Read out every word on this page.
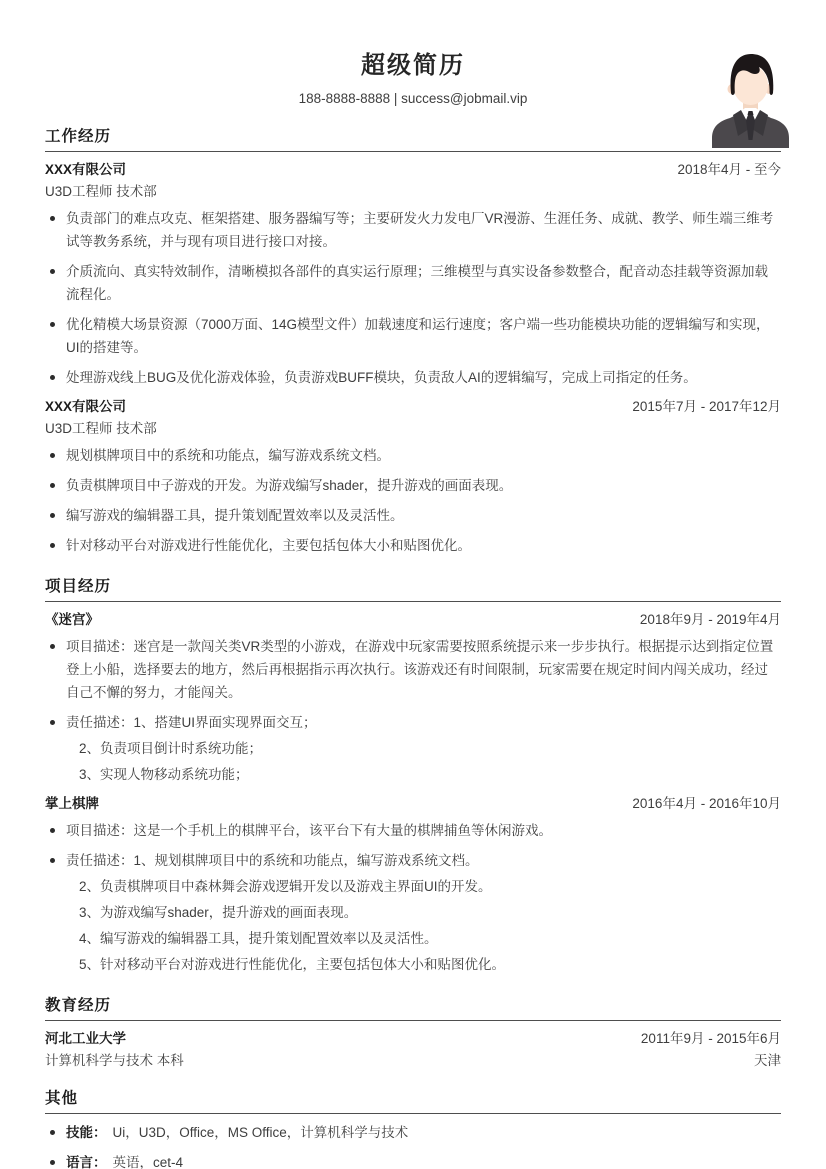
超级简历
188-8888-8888 | success@jobmail.vip
工作经历
XXX有限公司	2018年4月 - 至今
U3D工程师 技术部
负责部门的难点攻克、框架搭建、服务器编写等；主要研发火力发电厂VR漫游、生涯任务、成就、教学、师生端三维考试等教务系统，并与现有项目进行接口对接。
介质流向、真实特效制作，清晰模拟各部件的真实运行原理；三维模型与真实设备参数整合，配音动态挂载等资源加载流程化。
优化精模大场景资源（7000万面、14G模型文件）加载速度和运行速度；客户端一些功能模块功能的逻辑编写和实现，UI的搭建等。
处理游戏线上BUG及优化游戏体验，负责游戏BUFF模块，负责敌人AI的逻辑编写，完成上司指定的任务。
XXX有限公司	2015年7月 - 2017年12月
U3D工程师 技术部
规划棋牌项目中的系统和功能点，编写游戏系统文档。
负责棋牌项目中子游戏的开发。为游戏编写shader，提升游戏的画面表现。
编写游戏的编辑器工具，提升策划配置效率以及灵活性。
针对移动平台对游戏进行性能优化，主要包括包体大小和贴图优化。
项目经历
《迷宫》	2018年9月 - 2019年4月
项目描述：迷宫是一款闯关类VR类型的小游戏，在游戏中玩家需要按照系统提示来一步步执行。根据提示达到指定位置登上小船，选择要去的地方，然后再根据指示再次执行。该游戏还有时间限制，玩家需要在规定时间内闯关成功，经过自己不懈的努力，才能闯关。
责任描述：1、搭建UI界面实现界面交互；
2、负责项目倒计时系统功能；
3、实现人物移动系统功能；
掌上棋牌	2016年4月 - 2016年10月
项目描述：这是一个手机上的棋牌平台，该平台下有大量的棋牌捕鱼等休闲游戏。
责任描述：1、规划棋牌项目中的系统和功能点，编写游戏系统文档。
2、负责棋牌项目中森林舞会游戏逻辑开发以及游戏主界面UI的开发。
3、为游戏编写shader，提升游戏的画面表现。
4、编写游戏的编辑器工具，提升策划配置效率以及灵活性。
5、针对移动平台对游戏进行性能优化，主要包括包体大小和贴图优化。
教育经历
河北工业大学	2011年9月 - 2015年6月
计算机科学与技术 本科	天津
其他
技能： Ui，U3D，Office，MS Office，计算机科学与技术
语言： 英语，cet-4
